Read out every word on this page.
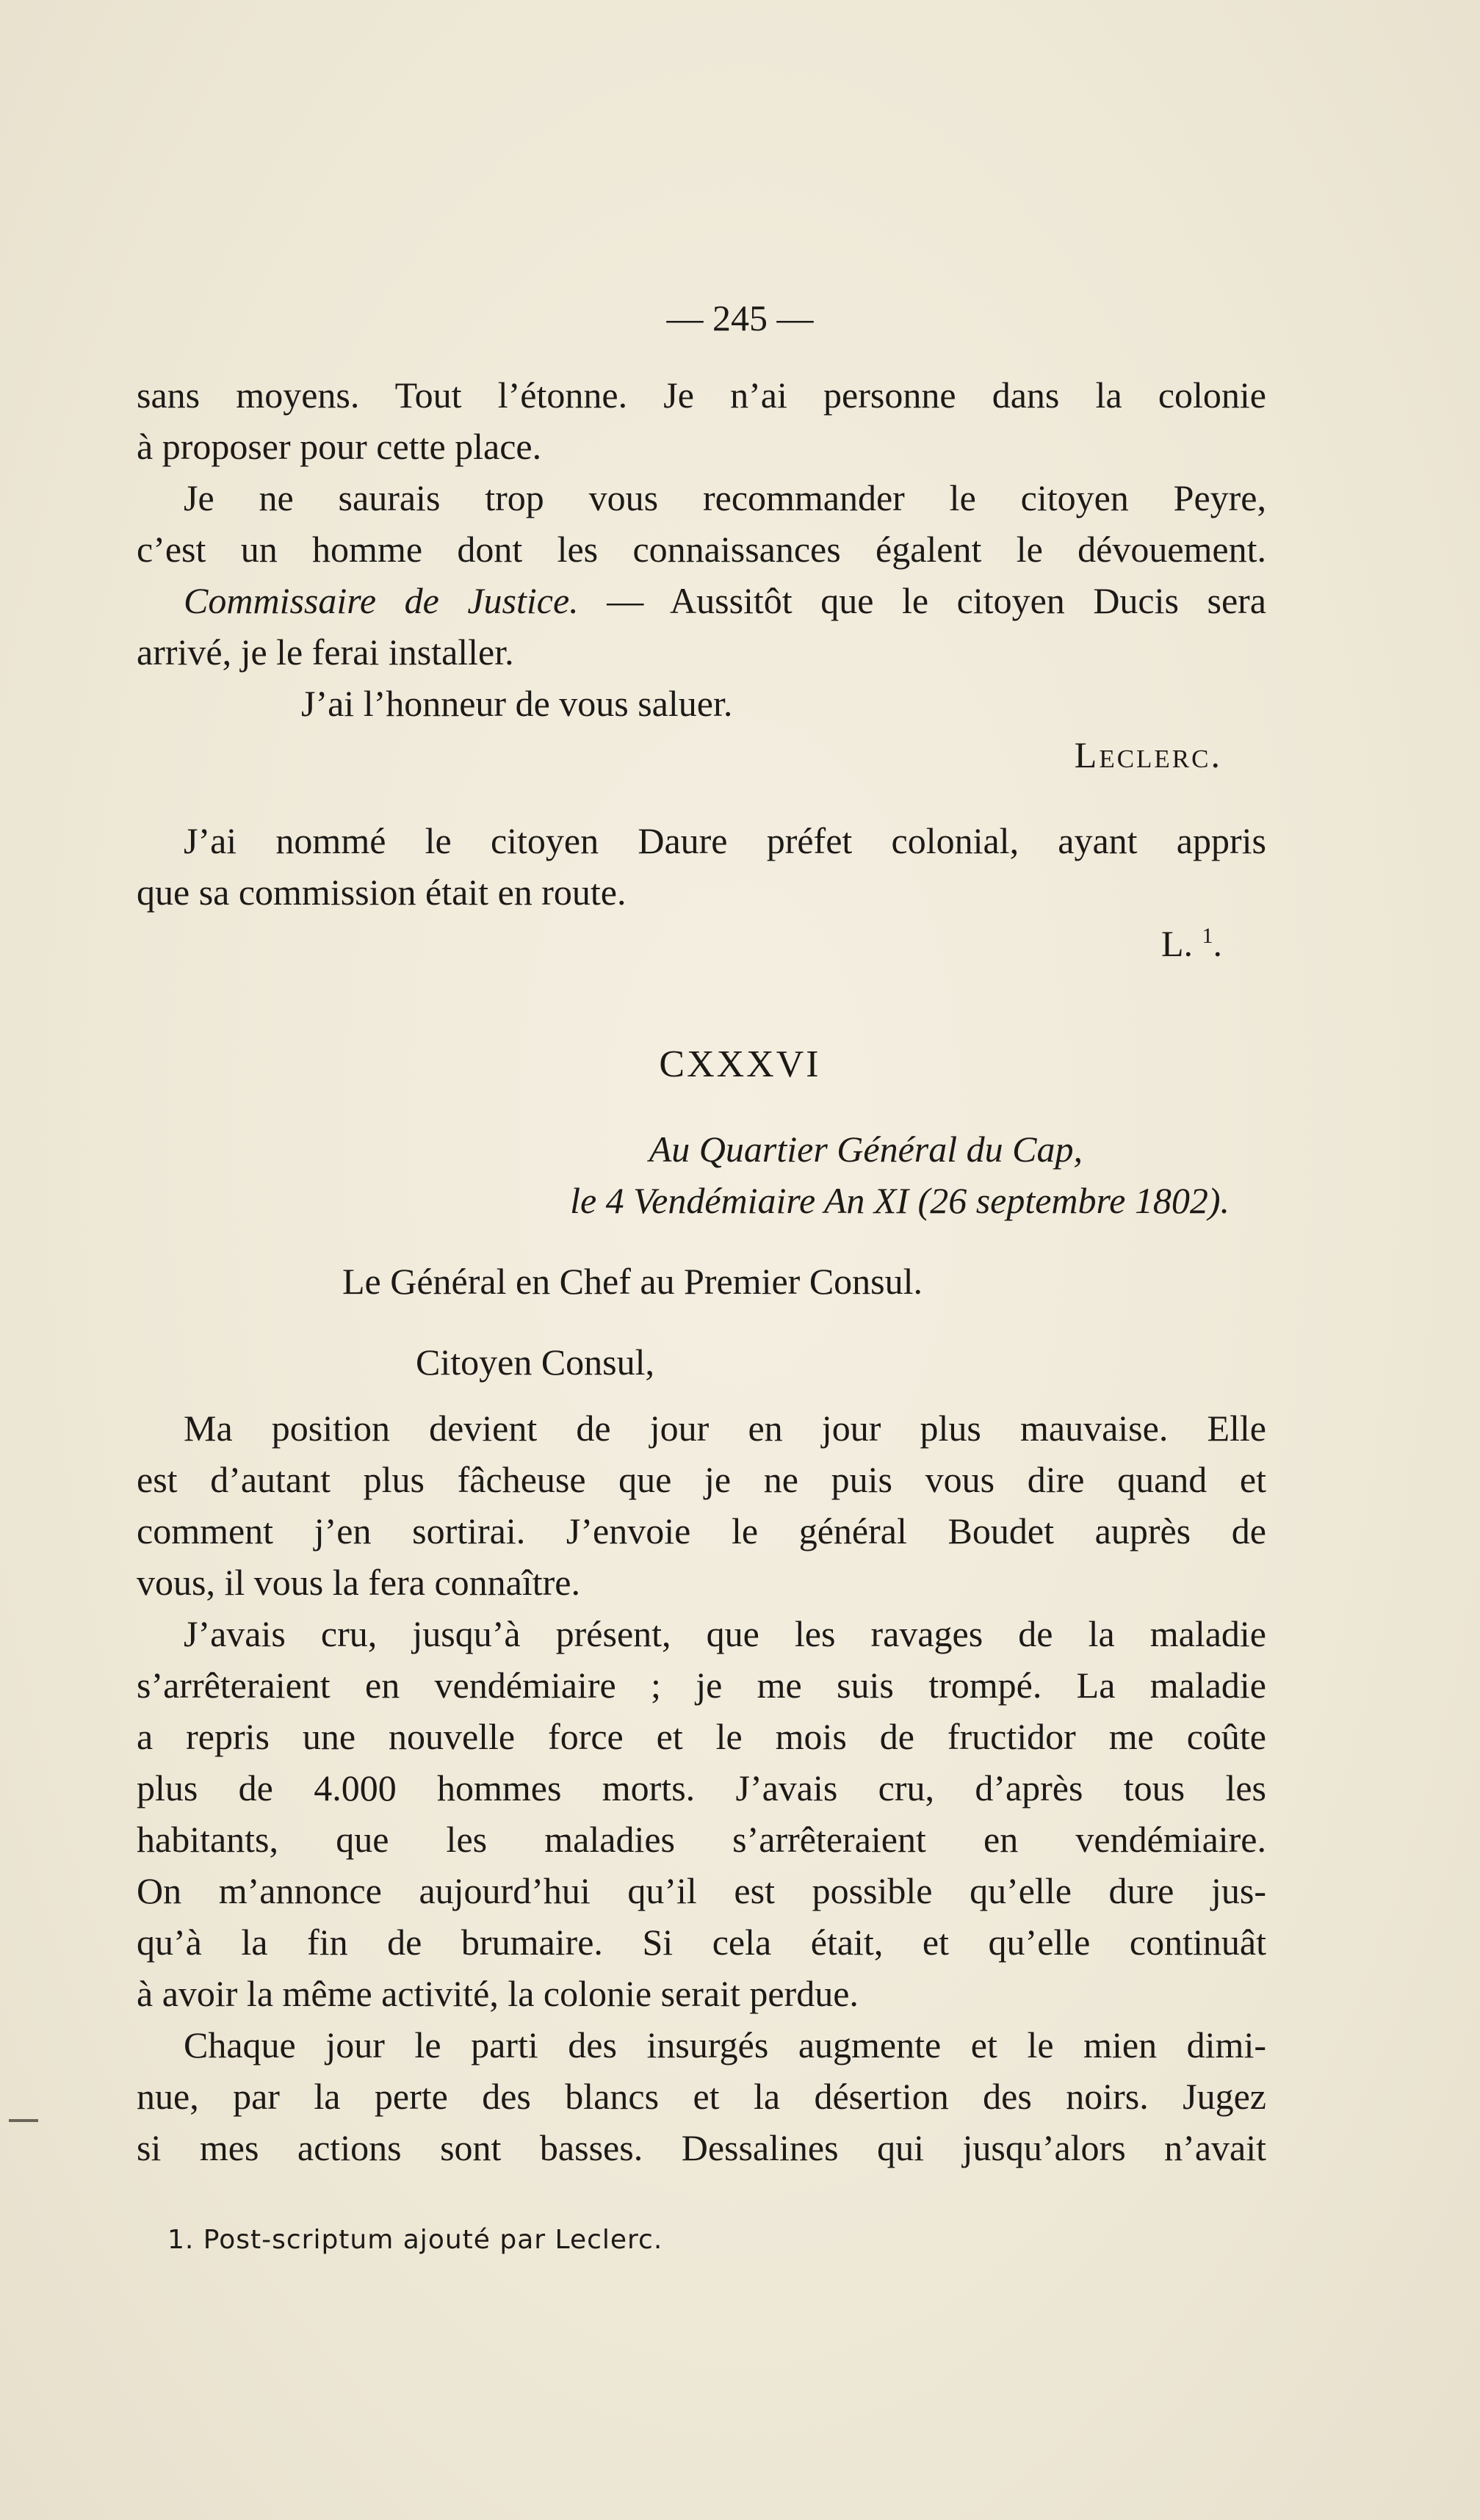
— 245 —
sans moyens. Tout l’étonne. Je n’ai personne dans la colonie
à proposer pour cette place.
Je ne saurais trop vous recommander le citoyen Peyre,
c’est un homme dont les connaissances égalent le dévouement.
Commissaire de Justice. — Aussitôt que le citoyen Ducis sera
arrivé, je le ferai installer.
J’ai l’honneur de vous saluer.
Leclerc.
J’ai nommé le citoyen Daure préfet colonial, ayant appris
que sa commission était en route.
L. $^1$.
CXXXVI
Au Quartier Général du Cap,
le 4 Vendémiaire An XI (26 septembre 1802).
Le Général en Chef au Premier Consul.
Citoyen Consul,
Ma position devient de jour en jour plus mauvaise. Elle
est d’autant plus fâcheuse que je ne puis vous dire quand et
comment j’en sortirai. J’envoie le général Boudet auprès de
vous, il vous la fera connaître.
J’avais cru, jusqu’à présent, que les ravages de la maladie
s’arrêteraient en vendémiaire ; je me suis trompé. La maladie
a repris une nouvelle force et le mois de fructidor me coûte
plus de 4.000 hommes morts. J’avais cru, d’après tous les
habitants, que les maladies s’arrêteraient en vendémiaire.
On m’annonce aujourd’hui qu’il est possible qu’elle dure jus-
qu’à la fin de brumaire. Si cela était, et qu’elle continuât
à avoir la même activité, la colonie serait perdue.
Chaque jour le parti des insurgés augmente et le mien dimi-
nue, par la perte des blancs et la désertion des noirs. Jugez
si mes actions sont basses. Dessalines qui jusqu’alors n’avait
1. Post-scriptum ajouté par Leclerc.
